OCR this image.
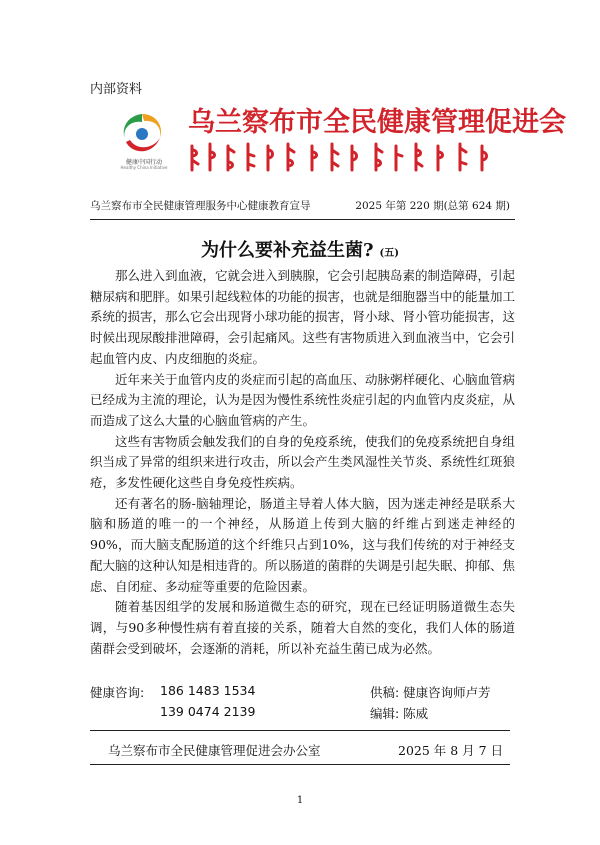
内部资料
健康中国行动
Healthy China Initiative
乌兰察布市全民健康管理促进会
乌兰察布市全民健康管理服务中心健康教育宣导	2025 年第 220 期(总第 624 期)
为什么要补充益生菌? (五)

那么进入到血液，它就会进入到胰腺，它会引起胰岛素的制造障碍，引起糖尿病和肥胖。如果引起线粒体的功能的损害，也就是细胞器当中的能量加工系统的损害，那么它会出现肾小球功能的损害，肾小球、肾小管功能损害，这时候出现尿酸排泄障碍，会引起痛风。这些有害物质进入到血液当中，它会引起血管内皮、内皮细胞的炎症。

近年来关于血管内皮的炎症而引起的高血压、动脉粥样硬化、心脑血管病已经成为主流的理论，认为是因为慢性系统性炎症引起的内血管内皮炎症，从而造成了这么大量的心脑血管病的产生。

这些有害物质会触发我们的自身的免疫系统，使我们的免疫系统把自身组织当成了异常的组织来进行攻击，所以会产生类风湿性关节炎、系统性红斑狼疮，多发性硬化这些自身免疫性疾病。

还有著名的肠-脑轴理论，肠道主导着人体大脑，因为迷走神经是联系大脑和肠道的唯一的一个神经，从肠道上传到大脑的纤维占到迷走神经的90%，而大脑支配肠道的这个纤维只占到10%，这与我们传统的对于神经支配大脑的这种认知是相违背的。所以肠道的菌群的失调是引起失眠、抑郁、焦虑、自闭症、多动症等重要的危险因素。

随着基因组学的发展和肠道微生态的研究，现在已经证明肠道微生态失调，与90多种慢性病有着直接的关系，随着大自然的变化，我们人体的肠道菌群会受到破坏，会逐渐的消耗，所以补充益生菌已成为必然。

健康咨询: 186 1483 1534
139 0474 2139
供稿: 健康咨询师卢芳
编辑: 陈威
乌兰察布市全民健康管理促进会办公室	2025 年 8 月 7 日
1
